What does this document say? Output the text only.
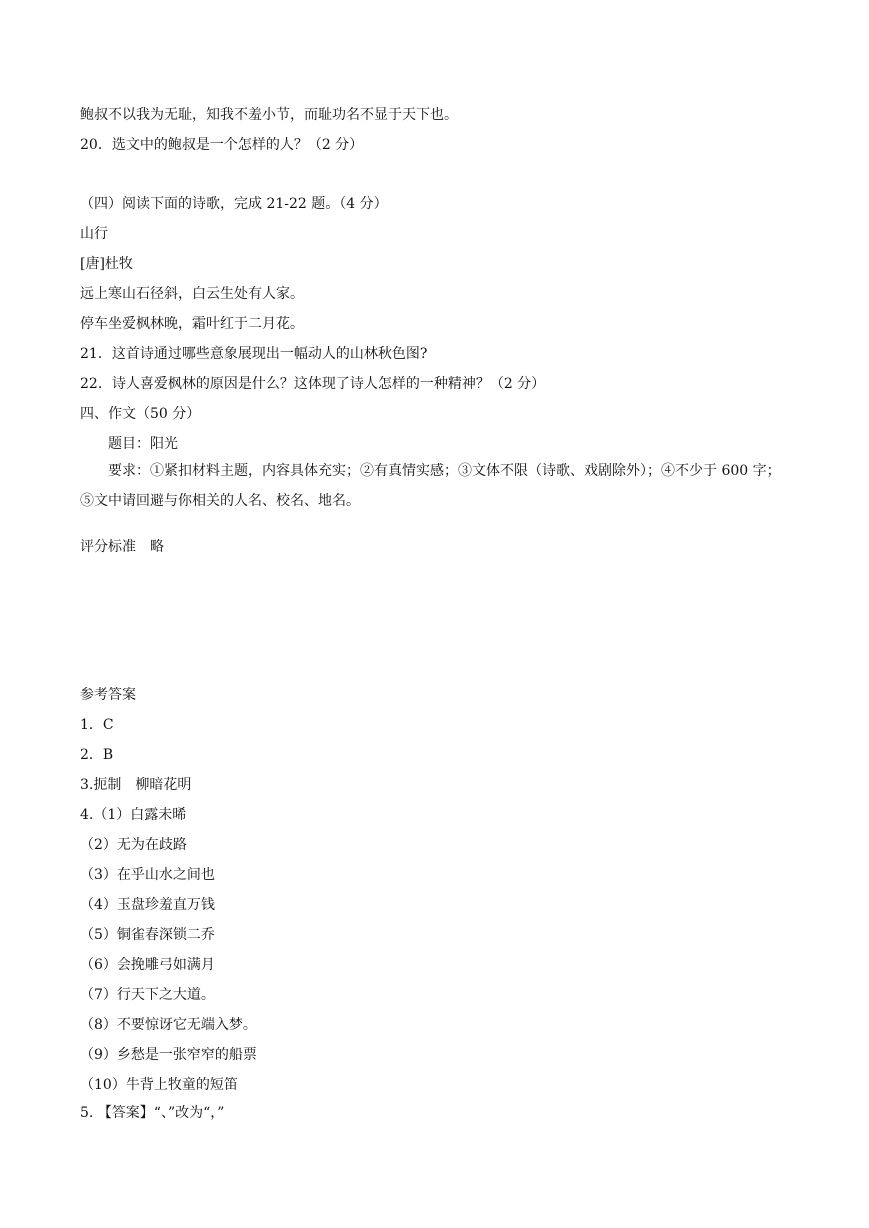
鲍叔不以我为无耻，知我不羞小节，而耻功名不显于天下也。
20．选文中的鲍叔是一个怎样的人？（2 分）
（四）阅读下面的诗歌，完成 21-22 题。（4 分）
山行
[唐]杜牧
远上寒山石径斜，白云生处有人家。
停车坐爱枫林晚，霜叶红于二月花。
21．这首诗通过哪些意象展现出一幅动人的山林秋色图?
22．诗人喜爱枫林的原因是什么？这体现了诗人怎样的一种精神？（2 分）
四、作文（50 分）
题目：阳光
要求：①紧扣材料主题，内容具体充实；②有真情实感；③文体不限（诗歌、戏剧除外）；④不少于 600 字；⑤文中请回避与你相关的人名、校名、地名。
评分标准　略
参考答案
1．C
2．B
3.扼制　柳暗花明
4.（1）白露未晞
（2）无为在歧路
（3）在乎山水之间也
（4）玉盘珍羞直万钱
（5）铜雀春深锁二乔
（6）会挽雕弓如满月
（7）行天下之大道。
（8）不要惊讶它无端入梦。
（9）乡愁是一张窄窄的船票
（10）牛背上牧童的短笛
5. 【答案】“、”改为“，”
